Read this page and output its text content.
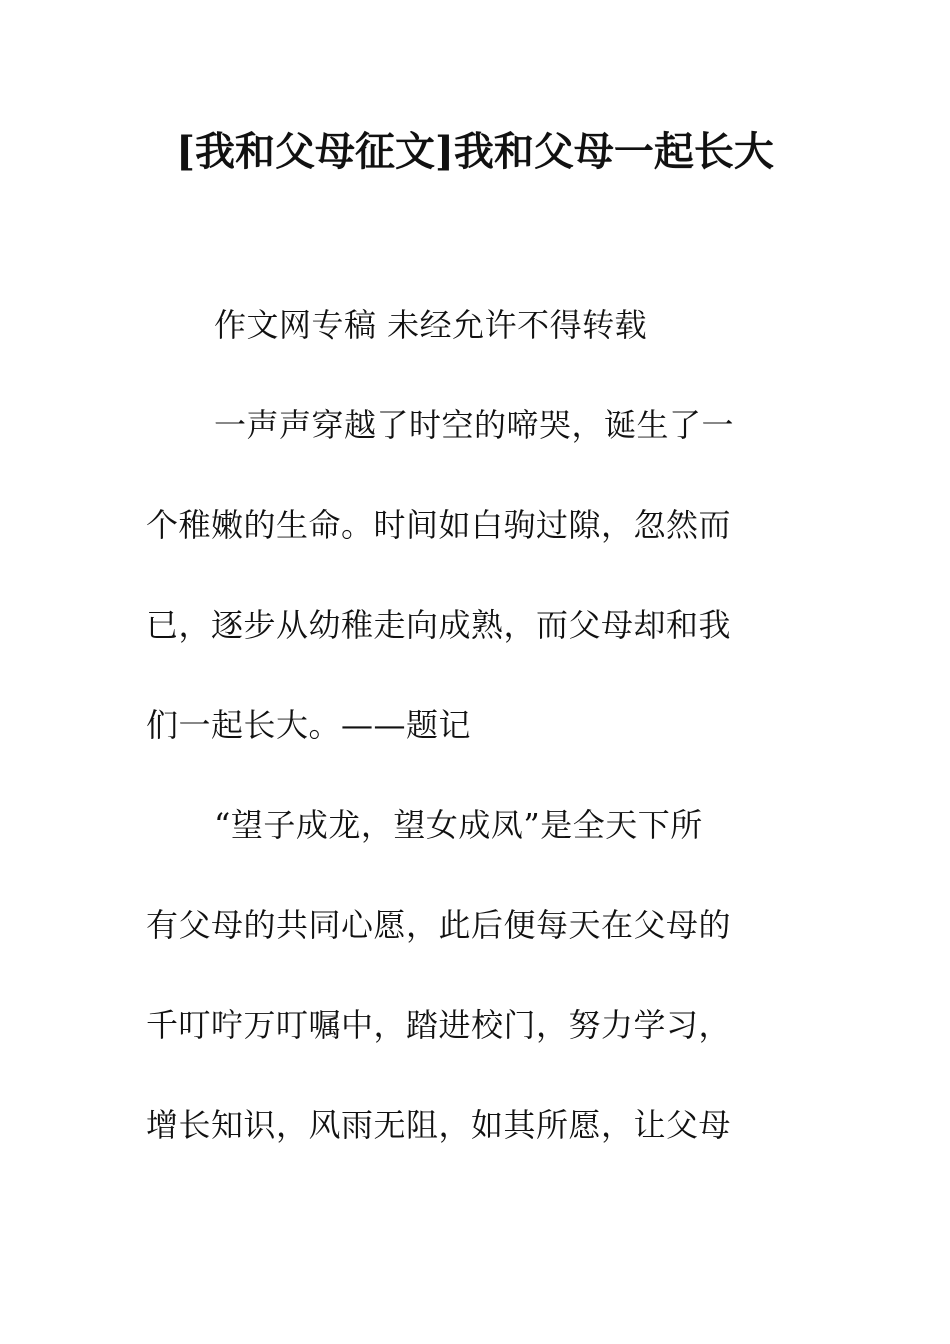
[我和父母征文]我和父母一起长大
作文网专稿 未经允许不得转载
一声声穿越了时空的啼哭，诞生了一
个稚嫩的生命。时间如白驹过隙，忽然而
已，逐步从幼稚走向成熟，而父母却和我
们一起长大。——题记
“望子成龙，望女成凤”是全天下所
有父母的共同心愿，此后便每天在父母的
千叮咛万叮嘱中，踏进校门，努力学习，
增长知识，风雨无阻，如其所愿，让父母
